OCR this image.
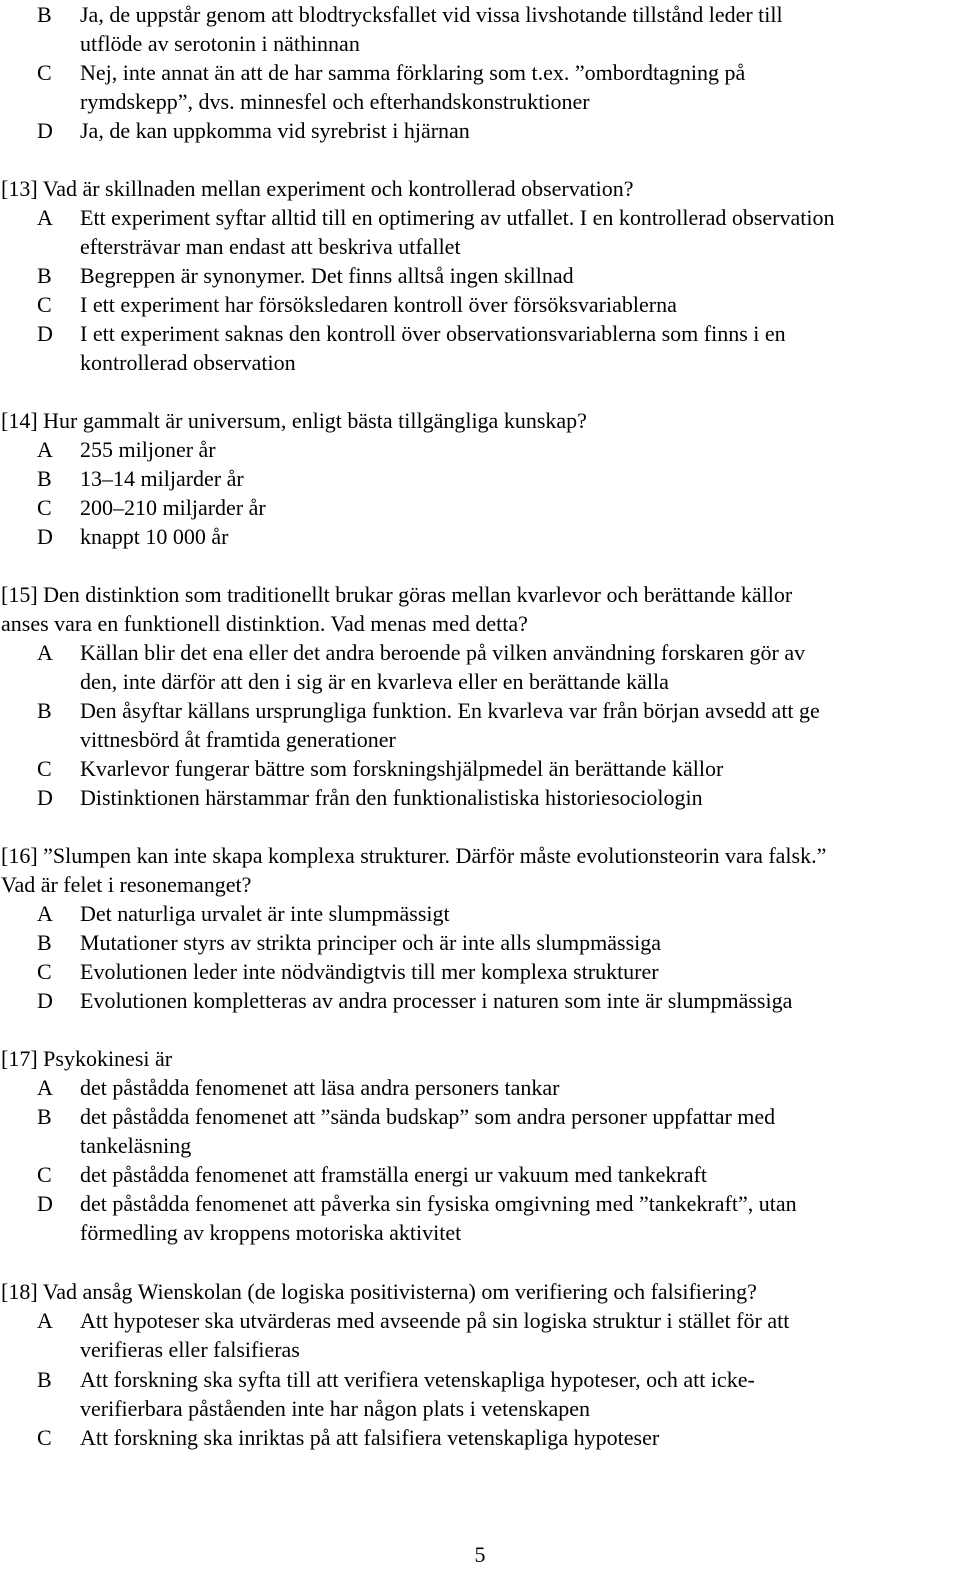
B Ja, de uppstår genom att blodtrycksfallet vid vissa livshotande tillstånd leder till
utflöde av serotonin i näthinnan
C Nej, inte annat än att de har samma förklaring som t.ex. ”ombordtagning på
rymdskepp”, dvs. minnesfel och efterhandskonstruktioner
D Ja, de kan uppkomma vid syrebrist i hjärnan
[13] Vad är skillnaden mellan experiment och kontrollerad observation?
A Ett experiment syftar alltid till en optimering av utfallet. I en kontrollerad observation
eftersträvar man endast att beskriva utfallet
B Begreppen är synonymer. Det finns alltså ingen skillnad
C I ett experiment har försöksledaren kontroll över försöksvariablerna
D I ett experiment saknas den kontroll över observationsvariablerna som finns i en
kontrollerad observation
[14] Hur gammalt är universum, enligt bästa tillgängliga kunskap?
A 255 miljoner år
B 13–14 miljarder år
C 200–210 miljarder år
D knappt 10 000 år
[15] Den distinktion som traditionellt brukar göras mellan kvarlevor och berättande källor
anses vara en funktionell distinktion. Vad menas med detta?
A Källan blir det ena eller det andra beroende på vilken användning forskaren gör av
den, inte därför att den i sig är en kvarleva eller en berättande källa
B Den åsyftar källans ursprungliga funktion. En kvarleva var från början avsedd att ge
vittnesbörd åt framtida generationer
C Kvarlevor fungerar bättre som forskningshjälpmedel än berättande källor
D Distinktionen härstammar från den funktionalistiska historiesociologin
[16] ”Slumpen kan inte skapa komplexa strukturer. Därför måste evolutionsteorin vara falsk.”
Vad är felet i resonemanget?
A Det naturliga urvalet är inte slumpmässigt
B Mutationer styrs av strikta principer och är inte alls slumpmässiga
C Evolutionen leder inte nödvändigtvis till mer komplexa strukturer
D Evolutionen kompletteras av andra processer i naturen som inte är slumpmässiga
[17] Psykokinesi är
A det påstådda fenomenet att läsa andra personers tankar
B det påstådda fenomenet att ”sända budskap” som andra personer uppfattar med
tankeläsning
C det påstådda fenomenet att framställa energi ur vakuum med tankekraft
D det påstådda fenomenet att påverka sin fysiska omgivning med ”tankekraft”, utan
förmedling av kroppens motoriska aktivitet
[18] Vad ansåg Wienskolan (de logiska positivisterna) om verifiering och falsifiering?
A Att hypoteser ska utvärderas med avseende på sin logiska struktur i stället för att
verifieras eller falsifieras
B Att forskning ska syfta till att verifiera vetenskapliga hypoteser, och att icke-
verifierbara påståenden inte har någon plats i vetenskapen
C Att forskning ska inriktas på att falsifiera vetenskapliga hypoteser
5
